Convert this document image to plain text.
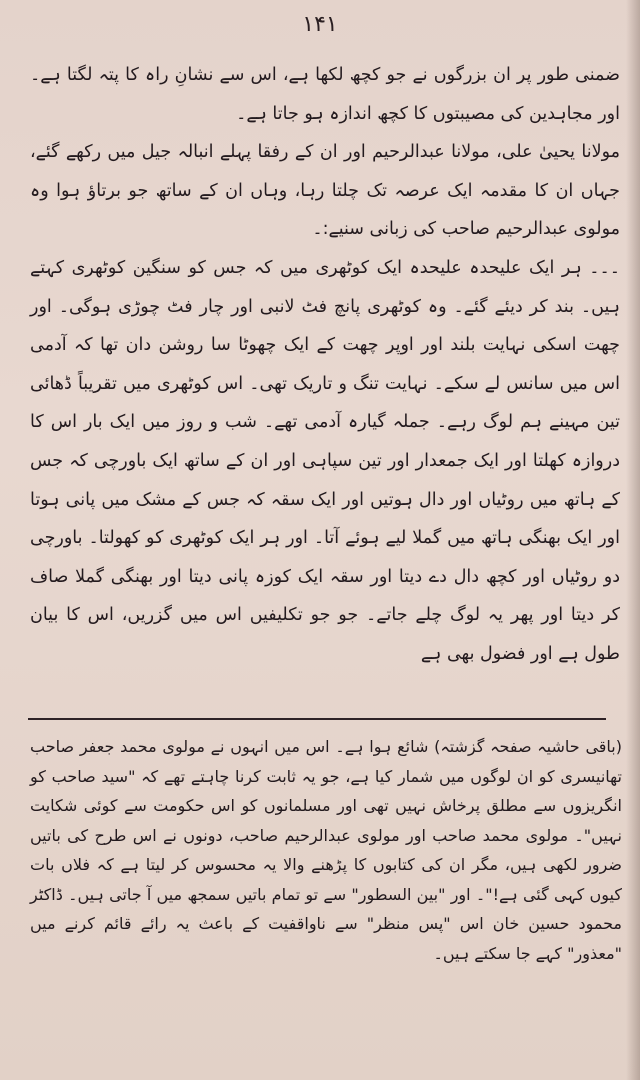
۱۴۱

ضمنی طور پر ان بزرگوں نے جو کچھ لکھا ہے، اس سے نشانِ راہ کا پتہ لگتا ہے۔ اور مجاہدین کی مصیبتوں کا کچھ اندازہ ہو جاتا ہے۔

مولانا یحییٰ علی، مولانا عبدالرحیم اور ان کے رفقا پہلے انبالہ جیل میں رکھے گئے، جہاں ان کا مقدمہ ایک عرصہ تک چلتا رہا، وہاں ان کے ساتھ جو برتاؤ ہوا وہ مولوی عبدالرحیم صاحب کی زبانی سنیے:۔

۔۔۔ ہر ایک علیحدہ علیحدہ ایک کوٹھری میں کہ جس کو سنگین کوٹھری کہتے ہیں۔ بند کر دیئے گئے۔ وہ کوٹھری پانچ فٹ لانبی اور چار فٹ چوڑی ہوگی۔ اور چھت اسکی نہایت بلند اور اوپر چھت کے ایک چھوٹا سا روشن دان تھا کہ آدمی اس میں سانس لے سکے۔ نہایت تنگ و تاریک تھی۔ اس کوٹھری میں تقریباً ڈھائی تین مہینے ہم لوگ رہے۔ جملہ گیارہ آدمی تھے۔ شب و روز میں ایک بار اس کا دروازہ کھلتا اور ایک جمعدار اور تین سپاہی اور ان کے ساتھ ایک باورچی کہ جس کے ہاتھ میں روٹیاں اور دال ہوتیں اور ایک سقہ کہ جس کے مشک میں پانی ہوتا اور ایک بھنگی ہاتھ میں گملا لیے ہوئے آتا۔ اور ہر ایک کوٹھری کو کھولتا۔ باورچی دو روٹیاں اور کچھ دال دے دیتا اور سقہ ایک کوزہ پانی دیتا اور بھنگی گملا صاف کر دیتا اور پھر یہ لوگ چلے جاتے۔ جو جو تکلیفیں اس میں گزریں، اس کا بیان طول ہے اور فضول بھی ہے

(باقی حاشیہ صفحہ گزشتہ) شائع ہوا ہے۔ اس میں انہوں نے مولوی محمد جعفر صاحب تھانیسری کو ان لوگوں میں شمار کیا ہے، جو یہ ثابت کرنا چاہتے تھے کہ "سید صاحب کو انگریزوں سے مطلق پرخاش نہیں تھی اور مسلمانوں کو اس حکومت سے کوئی شکایت نہیں"۔ مولوی محمد صاحب اور مولوی عبدالرحیم صاحب، دونوں نے اس طرح کی باتیں ضرور لکھی ہیں، مگر ان کی کتابوں کا پڑھنے والا یہ محسوس کر لیتا ہے کہ فلاں بات کیوں کہی گئی ہے!"۔ اور "بین السطور" سے تو تمام باتیں سمجھ میں آ جاتی ہیں۔ ڈاکٹر محمود حسین خان اس "پس منظر" سے ناواقفیت کے باعث یہ رائے قائم کرنے میں "معذور" کہے جا سکتے ہیں۔
